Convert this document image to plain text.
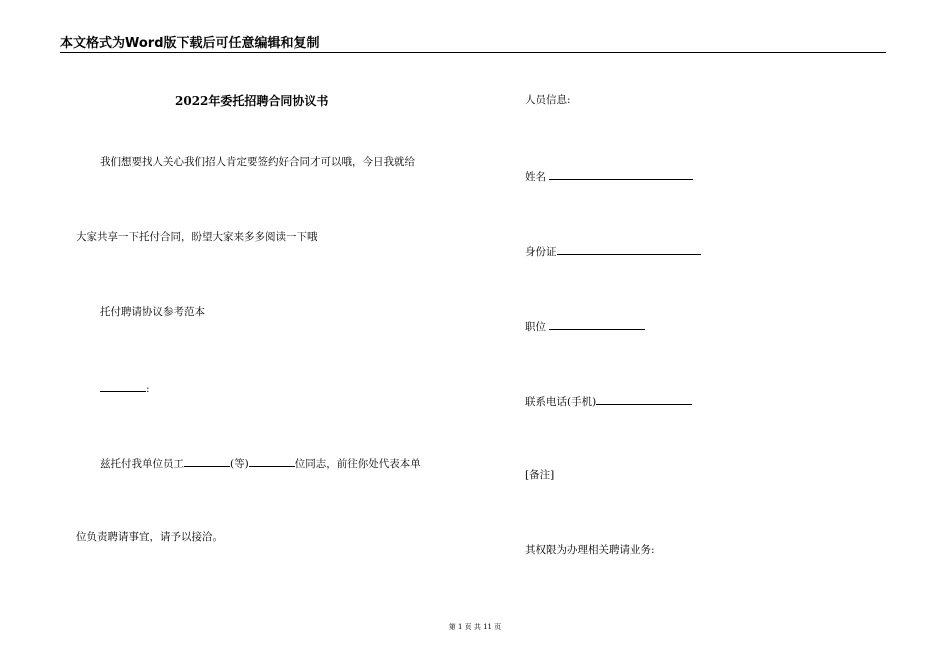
本文格式为Word版下载后可任意编辑和复制
2022年委托招聘合同协议书
我们想要找人关心我们招人肯定要签约好合同才可以哦，今日我就给
大家共享一下托付合同，盼望大家来多多阅读一下哦
托付聘请协议参考范本
:
兹托付我单位员工	(等)	位同志，前往你处代表本单
位负责聘请事宜，请予以接洽。
人员信息:
姓名
身份证
职位
联系电话(手机)
[备注]
其权限为办理相关聘请业务:
第 1 页 共 11 页
